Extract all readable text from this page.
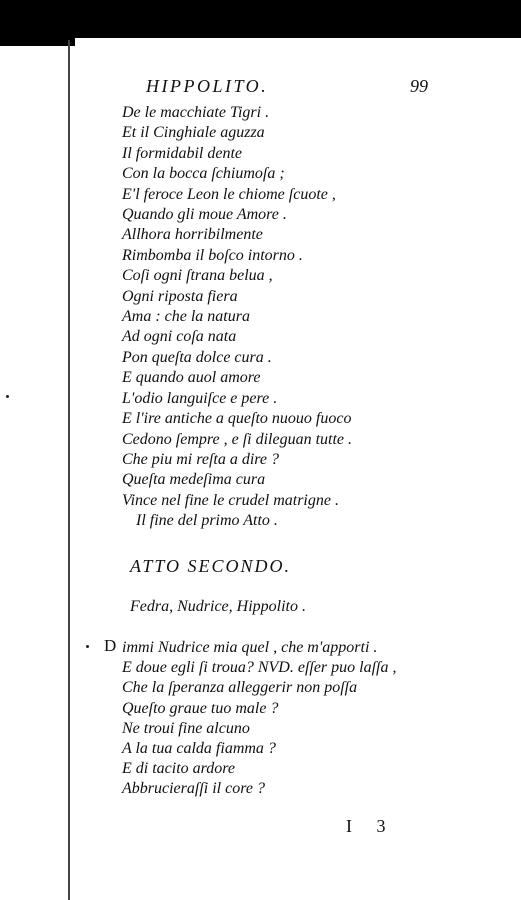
HIPPOLITO.	99
De le macchiate Tigri .
Et il Cinghiale aguzza
Il formidabil dente
Con la bocca ſchiumoſa ;
E'l feroce Leon le chiome ſcuote ,
Quando gli moue Amore .
Allhora horribilmente
Rimbomba il boſco intorno .
Coſi ogni ſtrana belua ,
Ogni riposta fiera
Ama : che la natura
Ad ogni coſa nata
Pon queſta dolce cura .
E quando auol amore
L'odio languiſce e pere .
E l'ire antiche a queſto nuouo fuoco
Cedono ſempre , e ſi dileguan tutte .
Che piu mi reſta a dire ?
Queſta medeſima cura
Vince nel fine le crudel matrigne .
Il fine del primo Atto .
ATTO SECONDO.
Fedra, Nudrice, Hippolito .
D immi Nudrice mia quel , che m'apporti .
E doue egli ſi troua? NVD. eſſer puo laſſa ,
Che la ſperanza alleggerir non poſſa
Queſto graue tuo male ?
Ne troui fine alcuno
A la tua calda fiamma ?
E di tacito ardore
Abbrucieraſſi il core ?
I 3
